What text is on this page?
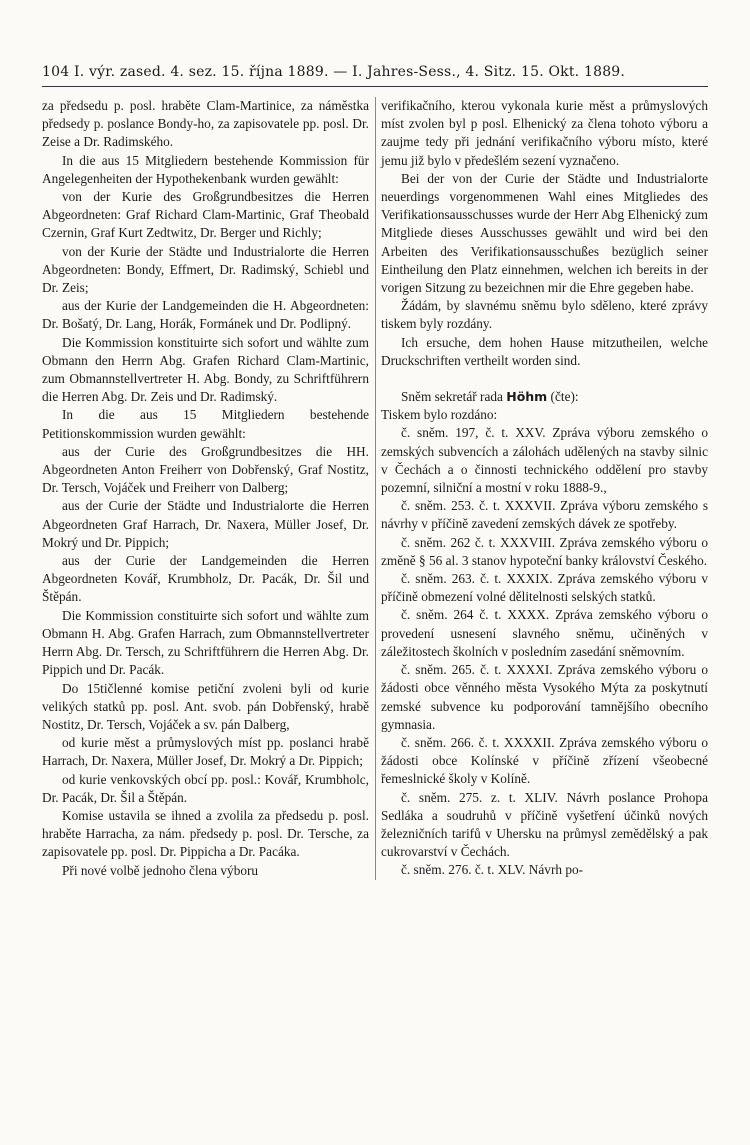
104 I. výr. zased. 4. sez. 15. října 1889. — I. Jahres-Sess., 4. Sitz. 15. Okt. 1889.

za předsedu p. posl. hraběte Clam-Martinice, za náměstka předsedy p. poslance Bondy-ho, za zapisovatele pp. posl. Dr. Zeise a Dr. Radimského.

In die aus 15 Mitgliedern bestehende Kommission für Angelegenheiten der Hypothekenbank wurden gewählt:

von der Kurie des Großgrundbesitzes die Herren Abgeordneten: Graf Richard Clam-Martinic, Graf Theobald Czernin, Graf Kurt Zedtwitz, Dr. Berger und Richly;

von der Kurie der Städte und Industrialorte die Herren Abgeordneten: Bondy, Effmert, Dr. Radimský, Schiebl und Dr. Zeis;

aus der Kurie der Landgemeinden die H. Abgeordneten: Dr. Bošatý, Dr. Lang, Horák, Formánek und Dr. Podlipný.

Die Kommission konstituirte sich sofort und wählte zum Obmann den Herrn Abg. Grafen Richard Clam-Martinic, zum Obmannstellvertreter H. Abg. Bondy, zu Schriftführern die Herren Abg. Dr. Zeis und Dr. Radimský.

In die aus 15 Mitgliedern bestehende Petitionskommission wurden gewählt:

aus der Curie des Großgrundbesitzes die HH. Abgeordneten Anton Freiherr von Dobřenský, Graf Nostitz, Dr. Tersch, Vojáček und Freiherr von Dalberg;

aus der Curie der Städte und Industrialorte die Herren Abgeordneten Graf Harrach, Dr. Naxera, Müller Josef, Dr. Mokrý und Dr. Pippich;

aus der Curie der Landgemeinden die Herren Abgeordneten Kovář, Krumbholz, Dr. Pacák, Dr. Šil und Štěpán.

Die Kommission constituirte sich sofort und wählte zum Obmann H. Abg. Grafen Harrach, zum Obmannstellvertreter Herrn Abg. Dr. Tersch, zu Schriftführern die Herren Abg. Dr. Pippich und Dr. Pacák.

Do 15tičlenné komise petiční zvoleni byli od kurie velikých statků pp. posl. Ant. svob. pán Dobřenský, hrabě Nostitz, Dr. Tersch, Vojáček a sv. pán Dalberg,

od kurie měst a průmyslových míst pp. poslanci hrabě Harrach, Dr. Naxera, Müller Josef, Dr. Mokrý a Dr. Pippich;

od kurie venkovských obcí pp. posl.: Kovář, Krumbholc, Dr. Pacák, Dr. Šil a Štěpán.

Komise ustavila se ihned a zvolila za předsedu p. posl. hraběte Harracha, za nám. předsedy p. posl. Dr. Tersche, za zapisovatele pp. posl. Dr. Pippicha a Dr. Pacáka.

Při nové volbě jednoho člena výboru

verifikačního, kterou vykonala kurie měst a průmyslových míst zvolen byl p posl. Elhenický za člena tohoto výboru a zaujme tedy při jednání verifikačního výboru místo, které jemu již bylo v předešlém sezení vyznačeno.

Bei der von der Curie der Städte und Industrialorte neuerdings vorgenommenen Wahl eines Mitgliedes des Verifikationsausschusses wurde der Herr Abg Elhenický zum Mitgliede dieses Ausschusses gewählt und wird bei den Arbeiten des Verifikationsausschußes bezüglich seiner Eintheilung den Platz einnehmen, welchen ich bereits in der vorigen Sitzung zu bezeichnen mir die Ehre gegeben habe.

Žádám, by slavnému sněmu bylo sděleno, které zprávy tiskem byly rozdány.

Ich ersuche, dem hohen Hause mitzutheilen, welche Druckschriften vertheilt worden sind.

Sněm sekretář rada Höhm (čte):

Tiskem bylo rozdáno:

č. sněm. 197, č. t. XXV. Zpráva výboru zemského o zemských subvencích a zálohách udělených na stavby silnic v Čechách a o činnosti technického oddělení pro stavby pozemní, silniční a mostní v roku 1888-9.,

č. sněm. 253. č. t. XXXVII. Zpráva výboru zemského s návrhy v příčině zavedení zemských dávek ze spotřeby.

č. sněm. 262 č. t. XXXVIII. Zpráva zemského výboru o změně § 56 al. 3 stanov hypoteční banky království Českého.

č. sněm. 263. č. t. XXXIX. Zpráva zemského výboru v příčině obmezení volné dělitelnosti selských statků.

č. sněm. 264 č. t. XXXX. Zpráva zemského výboru o provedení usnesení slavného sněmu, učiněných v záležitostech školních v posledním zasedání sněmovním.

č. sněm. 265. č. t. XXXXI. Zpráva zemského výboru o žádosti obce věnného města Vysokého Mýta za poskytnutí zemské subvence ku podporování tamnějšího obecního gymnasia.

č. sněm. 266. č. t. XXXXII. Zpráva zemského výboru o žádosti obce Kolínské v příčině zřízení všeobecné řemeslnické školy v Kolíně.

č. sněm. 275. z. t. XLIV. Návrh poslance Prohopa Sedláka a soudruhů v příčině vyšetření účinků nových železničních tarifů v Uhersku na průmysl zemědělský a pak cukrovarství v Čechách.

č. sněm. 276. č. t. XLV. Návrh po-
